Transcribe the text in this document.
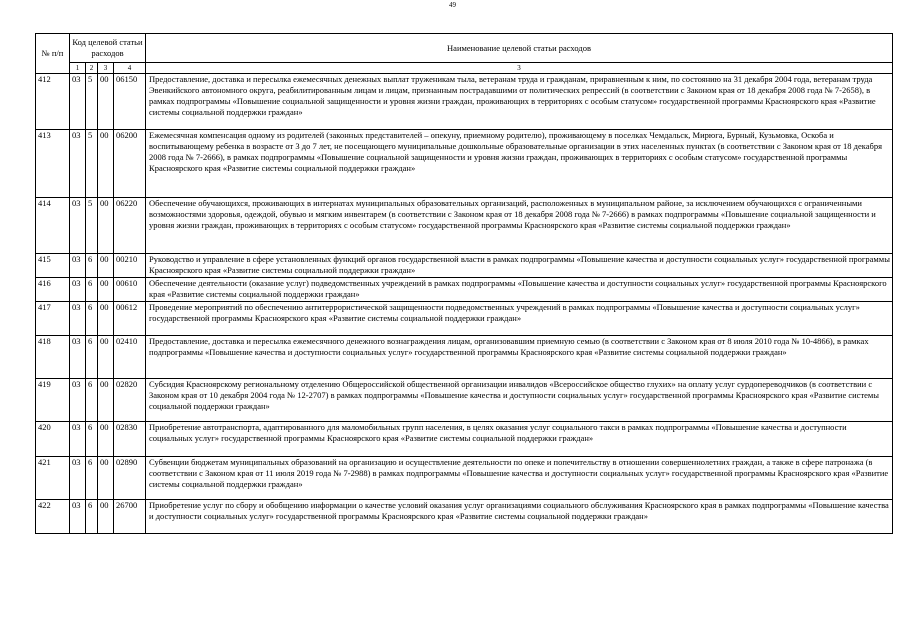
49
№ п/п	Код целевой статьи расходов				Наименование целевой статьи расходов
	1	2	3	4	3
412	03	5	00	06150	Предоставление, доставка и пересылка ежемесячных денежных выплат труженикам тыла, ветеранам труда и гражданам, приравненным к ним, по состоянию на 31 декабря 2004 года, ветеранам труда Эвенкийского автономного округа, реабилитированным лицам и лицам, признанным пострадавшими от политических репрессий (в соответствии с Законом края от 18 декабря 2008 года № 7-2658), в рамках подпрограммы «Повышение социальной защищенности и уровня жизни граждан, проживающих в территориях с особым статусом» государственной программы Красноярского края «Развитие системы социальной поддержки граждан»
413	03	5	00	06200	Ежемесячная компенсация одному из родителей (законных представителей – опекуну, приемному родителю), проживающему в поселках Чемдальск, Мирюга, Бурный, Кузьмовка, Оскоба и воспитывающему ребенка в возрасте от 3 до 7 лет, не посещающего муниципальные дошкольные образовательные организации в этих населенных пунктах (в соответствии с Законом края от 18 декабря 2008 года № 7-2666), в рамках подпрограммы «Повышение социальной защищенности и уровня жизни граждан, проживающих в территориях с особым статусом» государственной программы Красноярского края «Развитие системы социальной поддержки граждан»
414	03	5	00	06220	Обеспечение обучающихся, проживающих в интернатах муниципальных образовательных организаций, расположенных в муниципальном районе, за исключением обучающихся с ограниченными возможностями здоровья, одеждой, обувью и мягким инвентарем (в соответствии с Законом края от 18 декабря 2008 года № 7-2666) в рамках подпрограммы «Повышение социальной защищенности и уровня жизни граждан, проживающих в территориях с особым статусом» государственной программы Красноярского края «Развитие системы социальной поддержки граждан»
415	03	6	00	00210	Руководство и управление в сфере установленных функций органов государственной власти в рамках подпрограммы «Повышение качества и доступности социальных услуг» государственной программы Красноярского края «Развитие системы социальной поддержки граждан»
416	03	6	00	00610	Обеспечение деятельности (оказание услуг) подведомственных учреждений в рамках подпрограммы «Повышение качества и доступности социальных услуг» государственной программы Красноярского края «Развитие системы социальной поддержки граждан»
417	03	6	00	00612	Проведение мероприятий по обеспечению антитеррористической защищенности подведомственных учреждений в рамках подпрограммы «Повышение качества и доступности социальных услуг» государственной программы Красноярского края «Развитие системы социальной поддержки граждан»
418	03	6	00	02410	Предоставление, доставка и пересылка ежемесячного денежного вознаграждения лицам, организовавшим приемную семью (в соответствии с Законом края от 8 июля 2010 года № 10-4866), в рамках подпрограммы «Повышение качества и доступности социальных услуг» государственной программы Красноярского края «Развитие системы социальной поддержки граждан»
419	03	6	00	02820	Субсидия Красноярскому региональному отделению Общероссийской общественной организации инвалидов «Всероссийское общество глухих» на оплату услуг сурдопереводчиков (в соответствии с Законом края от 10 декабря 2004 года № 12-2707) в рамках подпрограммы «Повышение качества и доступности социальных услуг» государственной программы Красноярского края «Развитие системы социальной поддержки граждан»
420	03	6	00	02830	Приобретение автотранспорта, адаптированного для маломобильных групп населения, в целях оказания услуг социального такси в рамках подпрограммы «Повышение качества и доступности социальных услуг» государственной программы Красноярского края «Развитие системы социальной поддержки граждан»
421	03	6	00	02890	Субвенции бюджетам муниципальных образований на организацию и осуществление деятельности по опеке и попечительству в отношении совершеннолетних граждан, а также в сфере патронажа (в соответствии с Законом края от 11 июля 2019 года № 7-2988) в рамках подпрограммы «Повышение качества и доступности социальных услуг» государственной программы Красноярского края «Развитие системы социальной поддержки граждан»
422	03	6	00	26700	Приобретение услуг по сбору и обобщению информации о качестве условий оказания услуг организациями социального обслуживания Красноярского края в рамках подпрограммы «Повышение качества и доступности социальных услуг» государственной программы Красноярского края «Развитие системы социальной поддержки граждан»
